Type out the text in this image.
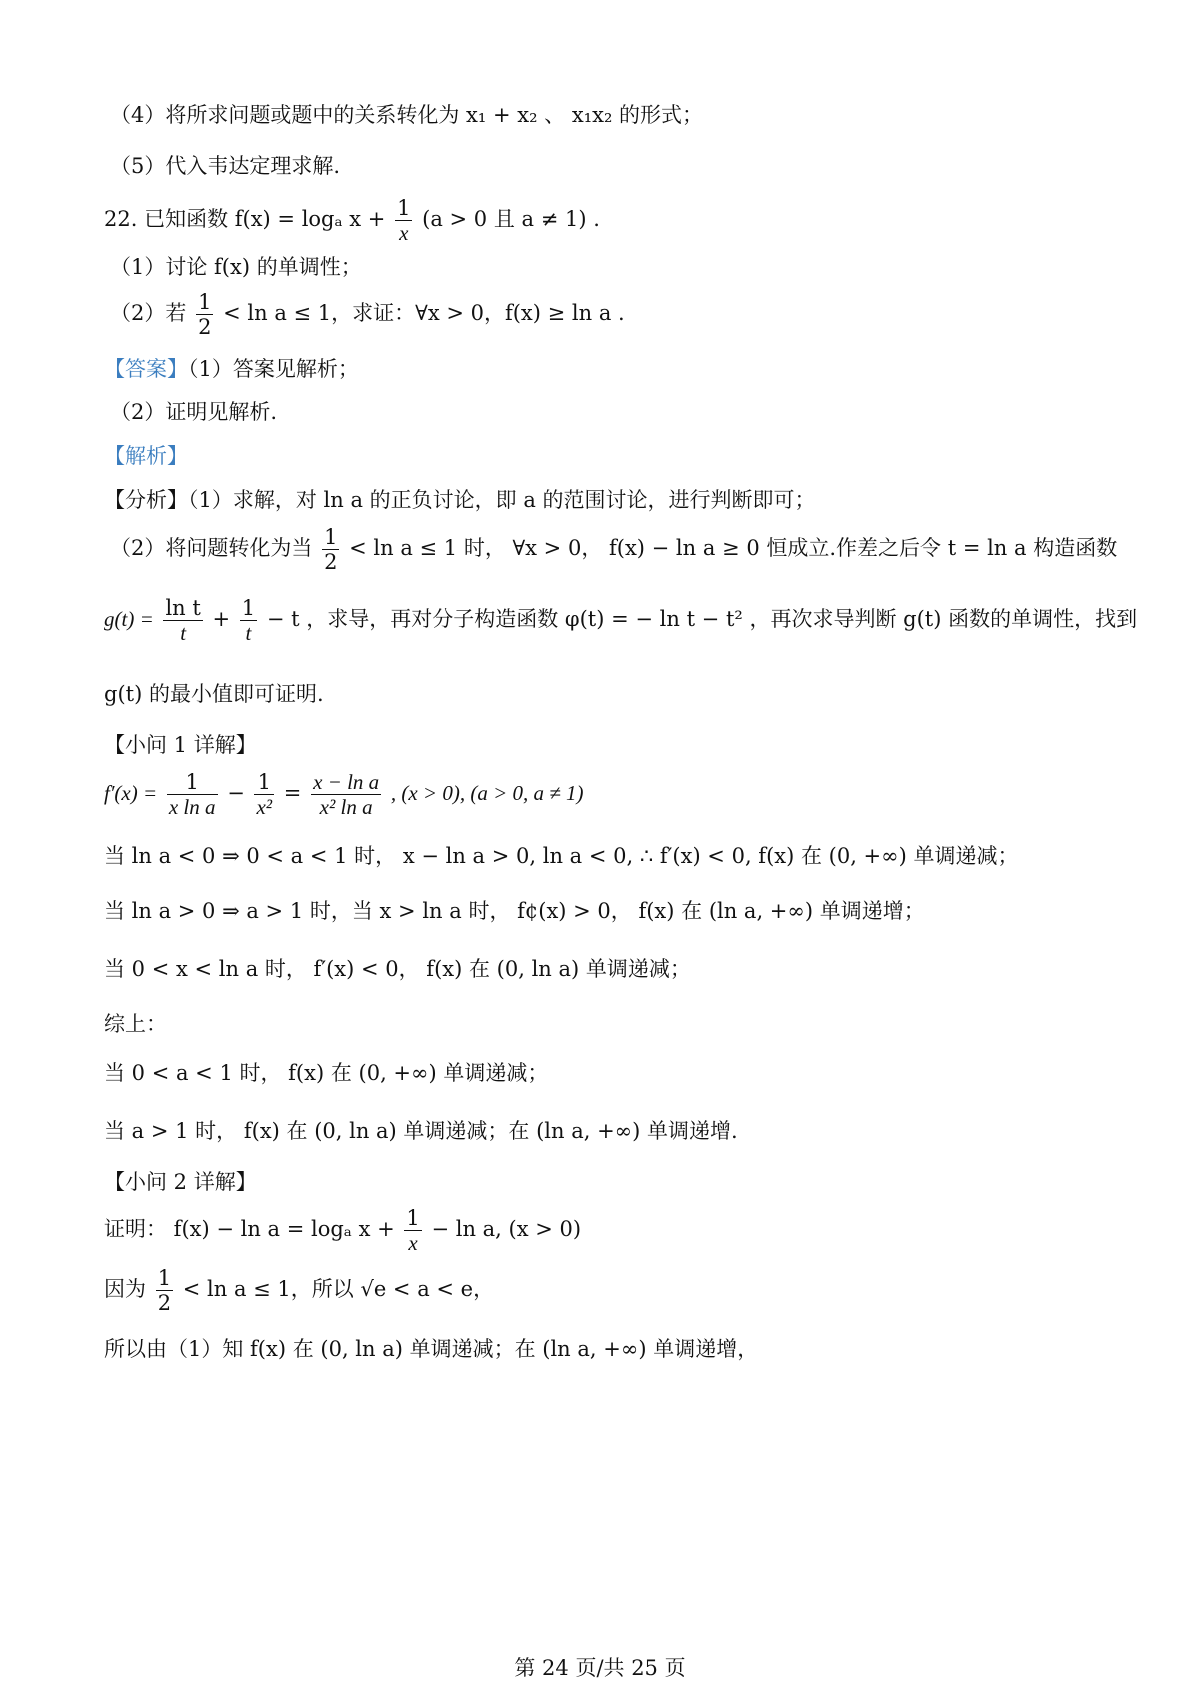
（4）将所求问题或题中的关系转化为 x₁ + x₂ 、 x₁x₂ 的形式；
（5）代入韦达定理求解.
22. 已知函数 f(x) = logₐ $x + \frac{1}{x} (a > 0$ 且 a ≠ 1) .
（1）讨论 f(x) 的单调性；
（2）若 $\frac{1}{2} < \ln a \le 1$，求证：∀x > 0，f(x) ≥ ln a .
【答案】（1）答案见解析；
（2）证明见解析.
【解析】
【分析】（1）求解，对 ln a 的正负讨论，即 a 的范围讨论，进行判断即可；
（2）将问题转化为当 $\frac{1}{2} < \ln a \le 1$ 时， ∀x > 0， f(x) − ln a ≥ 0 恒成立.作差之后令 t = ln a 构造函数
$g(t) = \frac{\text{ln t}}{t} + \frac{1}{t} - t$ ，求导，再对分子构造函数 φ(t) = − ln t − t² ，再次求导判断 g(t) 函数的单调性，找到
g(t) 的最小值即可证明.
【小问 1 详解】
$f'(x) = \frac{1}{\text{x ln a}} - \frac{1}{\text{x²}} = \frac{\text{x − ln a}}{\text{x² ln a}}$ , (x > 0), (a > 0, a ≠ 1)
当 ln a < 0 ⇒ 0 < a < 1 时， x − ln a > 0, ln a < 0, ∴ f′(x) < 0, f(x) 在 (0, +∞) 单调递减；
当 ln a > 0 ⇒ a > 1 时，当 x > ln a 时， f¢(x) > 0， f(x) 在 (ln a, +∞) 单调递增；
当 0 < x < ln a 时， f′(x) < 0， f(x) 在 (0, ln a) 单调递减；
综上：
当 0 < a < 1 时， f(x) 在 (0, +∞) 单调递减；
当 a > 1 时， f(x) 在 (0, ln a) 单调递减；在 (ln a, +∞) 单调递增.
【小问 2 详解】
证明： f(x) − ln a = logₐ $x + \frac{1}{x} - \ln a$, (x > 0)
因为 $\frac{1}{2} < \ln a \le 1$，所以 √e < a < e，
所以由（1）知 f(x) 在 (0, ln a) 单调递减；在 (ln a, +∞) 单调递增，
第 24 页/共 25 页
